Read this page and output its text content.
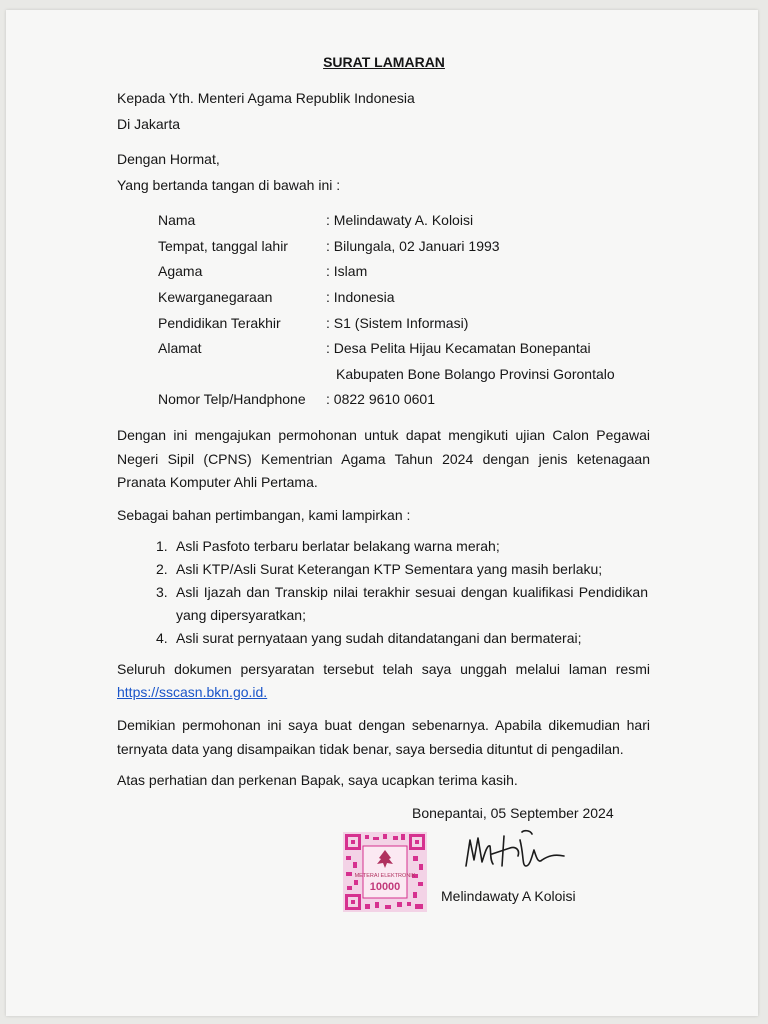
SURAT LAMARAN
Kepada Yth. Menteri Agama Republik Indonesia
Di Jakarta
Dengan Hormat,
Yang bertanda tangan di bawah ini :
Nama	: Melindawaty A. Koloisi
Tempat, tanggal lahir	: Bilungala, 02 Januari 1993
Agama	: Islam
Kewarganegaraan	: Indonesia
Pendidikan Terakhir	: S1 (Sistem Informasi)
Alamat	: Desa Pelita Hijau Kecamatan Bonepantai
Kabupaten Bone Bolango Provinsi Gorontalo
Nomor Telp/Handphone : 0822 9610 0601
Dengan ini mengajukan permohonan untuk dapat mengikuti ujian Calon Pegawai
Negeri Sipil (CPNS) Kementrian Agama Tahun 2024 dengan jenis ketenagaan
Pranata Komputer Ahli Pertama.
Sebagai bahan pertimbangan, kami lampirkan :
1. Asli Pasfoto terbaru berlatar belakang warna merah;
2. Asli KTP/Asli Surat Keterangan KTP Sementara yang masih berlaku;
3. Asli Ijazah dan Transkip nilai terakhir sesuai dengan kualifikasi Pendidikan
yang dipersyaratkan;
4. Asli surat pernyataan yang sudah ditandatangani dan bermaterai;
Seluruh dokumen persyaratan tersebut telah saya unggah melalui laman resmi
https://sscasn.bkn.go.id.
Demikian permohonan ini saya buat dengan sebenarnya. Apabila dikemudian hari
ternyata data yang disampaikan tidak benar, saya bersedia dituntut di pengadilan.
Atas perhatian dan perkenan Bapak, saya ucapkan terima kasih.
Bonepantai, 05 September 2024
METERAI ELEKTRONIK
10000
Melindawaty A Koloisi
